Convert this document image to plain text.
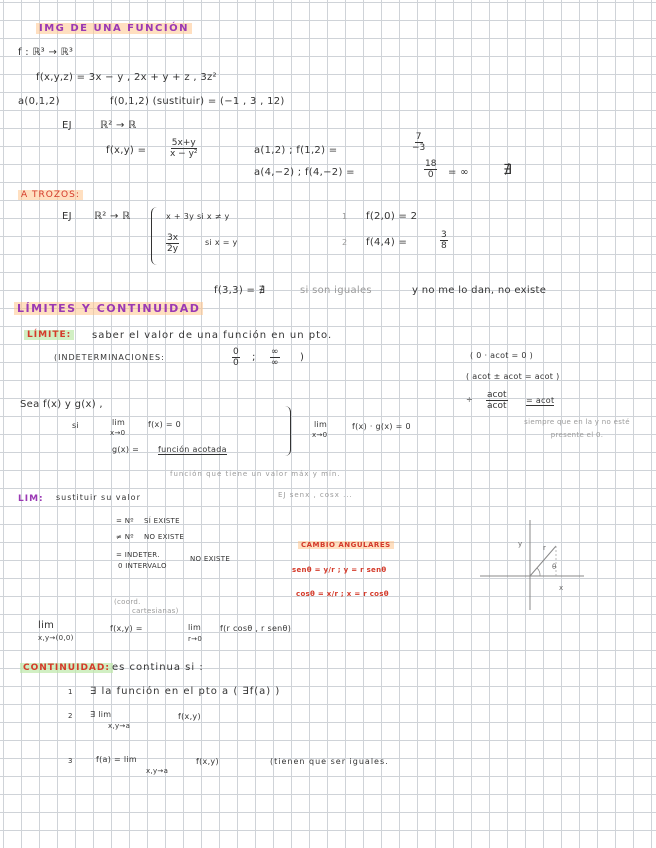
IMG DE UNA FUNCIÓN
f : ℝ³ → ℝ³
f(x,y,z) = 3x − y , 2x + y + z , 3z²
a(0,1,2)	f(0,1,2) (sustituir) = (−1 , 3 , 12)
EJ	ℝ² → ℝ
f(x,y) =	$\frac{5x+y}{\text{x − y²}}$	a(1,2) ; f(1,2) =	$\frac{7}{-3}$
a(4,−2) ; f(4,−2) =	$\frac{18}{0}$ = ∞ ∄
A TROZOS:
EJ ℝ² → ℝ	x + 3y si x ≠ y
$\frac{3x}{2y}$	si x = y
1 f(2,0) = 2
2 f(4,4) =	$\frac{3}{8}$
f(3,3) = ∄	si son iguales	y no me lo dan, no existe
LÍMITES Y CONTINUIDAD
LÍMITE:	saber el valor de una función en un pto.
(INDETERMINACIONES:	$\frac{0}{0}$ ; ∞
∞ )	( 0 · acot = 0 )
( acot ± acot = acot )
÷ $\frac{acot}{acot} = acot$
siempre que en la y no esté presente el 0.
Sea f(x) y g(x) ,
si	lim
x→0
f(x) = 0
g(x) = función acotada
función que tiene un valor máx y mín.
lim
x→0
f(x) · g(x) = 0
LIM: sustituir su valor	EJ senx , cosx ...
= Nº SÍ EXISTE
≠ Nº NO EXISTE
= INDETER.
0 INTERVALO
NO EXISTE
CAMBIO ANGULARES
senθ = y/r ; y = r senθ
cosθ = x/r ; x = r cosθ
y
x
r
θ
(coord.
cartesianas)
lim
x,y→(0,0)
f(x,y) =	lim
r→0
f(r cosθ , r senθ)
CONTINUIDAD: es continua si :
1 ∃ la función en el pto a ( ∃f(a) )
2 ∃ lim
x,y→a
f(x,y)
3	f(a) = lim
x,y→a
f(x,y)	(tienen que ser iguales.
